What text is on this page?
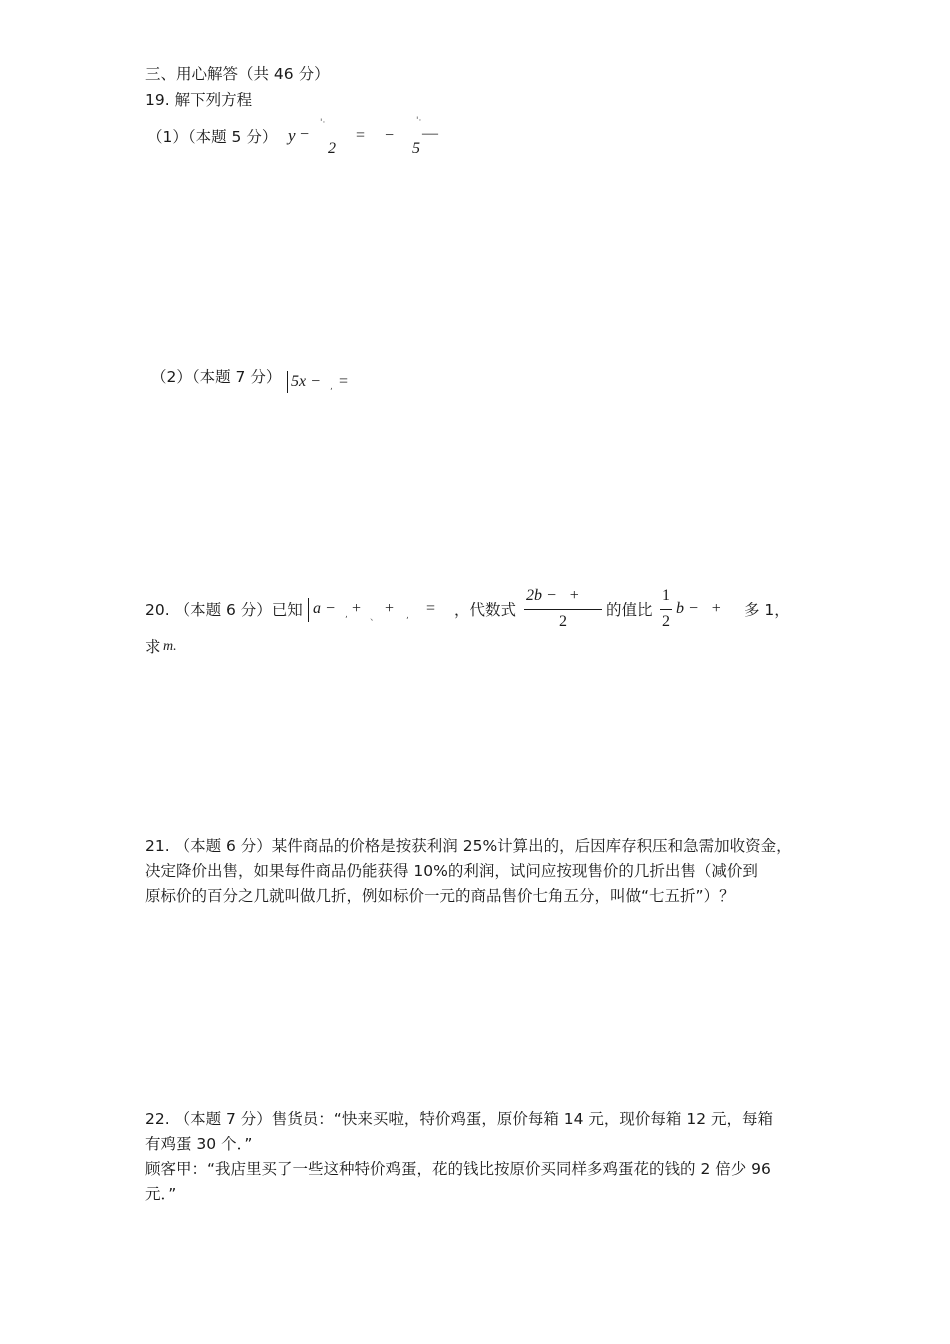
三、用心解答（共 46 分）
19. 解下列方程
（1）（本题 5 分） y −
'·
2
= −
'·
5
—
（2）（本题 7 分） 5x − , =
20. （本题 6 分）已知 a − , +
、
+ , = ，代数式
2b −   +
2
的值比
1
2
b −   + 多 1，
求 m.
21. （本题 6 分）某件商品的价格是按获利润 25%计算出的，后因库存积压和急需加收资金，
决定降价出售，如果每件商品仍能获得 10%的利润，试问应按现售价的几折出售（减价到
原标价的百分之几就叫做几折，例如标价一元的商品售价七角五分，叫做“七五折”）？
22. （本题 7 分）售货员：“快来买啦，特价鸡蛋，原价每箱 14 元，现价每箱 12 元，每箱
有鸡蛋 30 个．”
顾客甲：“我店里买了一些这种特价鸡蛋，花的钱比按原价买同样多鸡蛋花的钱的 2 倍少 96
元．”
